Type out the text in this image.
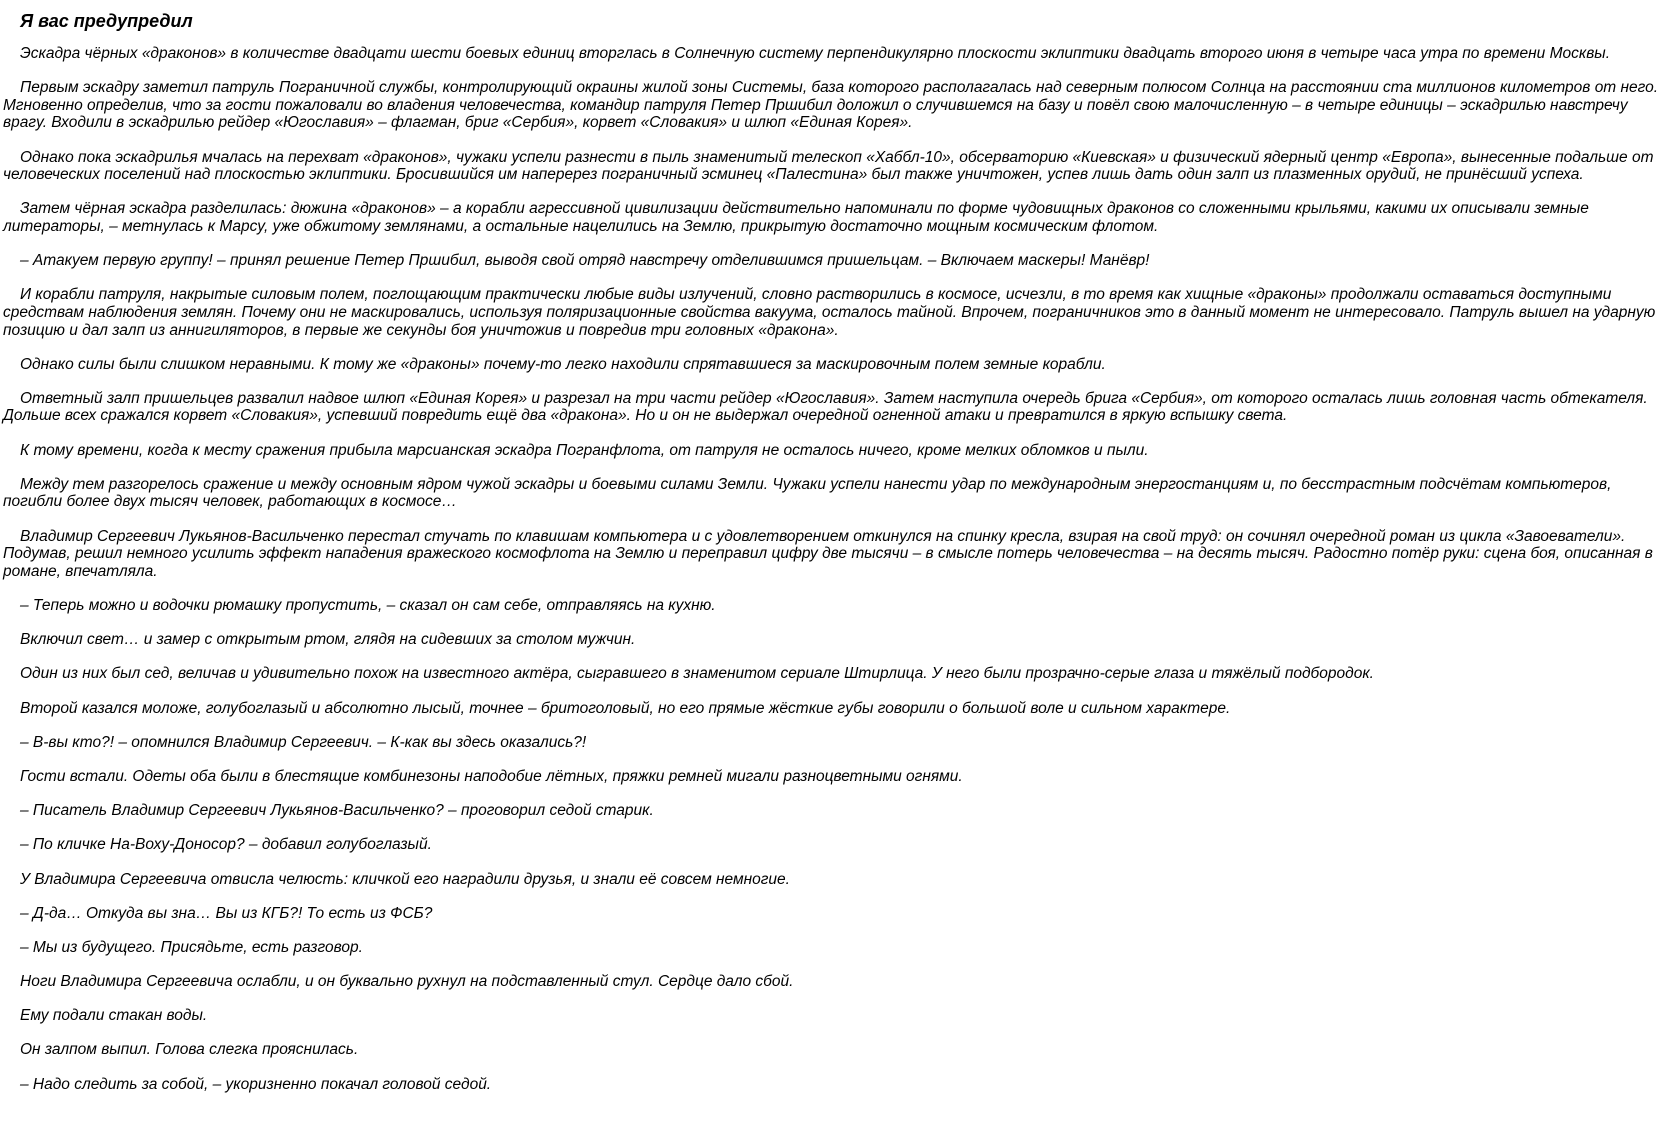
Я вас предупредил

Эскадра чёрных «драконов» в количестве двадцати шести боевых единиц вторглась в Солнечную систему перпендикулярно плоскости эклиптики двадцать второго июня в четыре часа утра по времени Москвы.

Первым эскадру заметил патруль Пограничной службы, контролирующий окраины жилой зоны Системы, база которого располагалась над северным полюсом Солнца на расстоянии ста миллионов километров от него. Мгновенно определив, что за гости пожаловали во владения человечества, командир патруля Петер Пршибил доложил о случившемся на базу и повёл свою малочисленную – в четыре единицы – эскадрилью навстречу врагу. Входили в эскадрилью рейдер «Югославия» – флагман, бриг «Сербия», корвет «Словакия» и шлюп «Единая Корея».

Однако пока эскадрилья мчалась на перехват «драконов», чужаки успели разнести в пыль знаменитый телескоп «Хаббл-10», обсерваторию «Киевская» и физический ядерный центр «Европа», вынесенные подальше от человеческих поселений над плоскостью эклиптики. Бросившийся им наперерез пограничный эсминец «Палестина» был также уничтожен, успев лишь дать один залп из плазменных орудий, не принёсший успеха.

Затем чёрная эскадра разделилась: дюжина «драконов» – а корабли агрессивной цивилизации действительно напоминали по форме чудовищных драконов со сложенными крыльями, какими их описывали земные литераторы, – метнулась к Марсу, уже обжитому землянами, а остальные нацелились на Землю, прикрытую достаточно мощным космическим флотом.

– Атакуем первую группу! – принял решение Петер Пршибил, выводя свой отряд навстречу отделившимся пришельцам. – Включаем маскеры! Манёвр!

И корабли патруля, накрытые силовым полем, поглощающим практически любые виды излучений, словно растворились в космосе, исчезли, в то время как хищные «драконы» продолжали оставаться доступными средствам наблюдения землян. Почему они не маскировались, используя поляризационные свойства вакуума, осталось тайной. Впрочем, пограничников это в данный момент не интересовало. Патруль вышел на ударную позицию и дал залп из аннигиляторов, в первые же секунды боя уничтожив и повредив три головных «дракона».

Однако силы были слишком неравными. К тому же «драконы» почему-то легко находили спрятавшиеся за маскировочным полем земные корабли.

Ответный залп пришельцев развалил надвое шлюп «Единая Корея» и разрезал на три части рейдер «Югославия». Затем наступила очередь брига «Сербия», от которого осталась лишь головная часть обтекателя. Дольше всех сражался корвет «Словакия», успевший повредить ещё два «дракона». Но и он не выдержал очередной огненной атаки и превратился в яркую вспышку света.

К тому времени, когда к месту сражения прибыла марсианская эскадра Погранфлота, от патруля не осталось ничего, кроме мелких обломков и пыли.

Между тем разгорелось сражение и между основным ядром чужой эскадры и боевыми силами Земли. Чужаки успели нанести удар по международным энергостанциям и, по бесстрастным подсчётам компьютеров, погибли более двух тысяч человек, работающих в космосе…

Владимир Сергеевич Лукьянов-Васильченко перестал стучать по клавишам компьютера и с удовлетворением откинулся на спинку кресла, взирая на свой труд: он сочинял очередной роман из цикла «Завоеватели». Подумав, решил немного усилить эффект нападения вражеского космофлота на Землю и переправил цифру две тысячи – в смысле потерь человечества – на десять тысяч. Радостно потёр руки: сцена боя, описанная в романе, впечатляла.

– Теперь можно и водочки рюмашку пропустить, – сказал он сам себе, отправляясь на кухню.

Включил свет… и замер с открытым ртом, глядя на сидевших за столом мужчин.

Один из них был сед, величав и удивительно похож на известного актёра, сыгравшего в знаменитом сериале Штирлица. У него были прозрачно-серые глаза и тяжёлый подбородок.

Второй казался моложе, голубоглазый и абсолютно лысый, точнее – бритоголовый, но его прямые жёсткие губы говорили о большой воле и сильном характере.

– В-вы кто?! – опомнился Владимир Сергеевич. – К-как вы здесь оказались?!

Гости встали. Одеты оба были в блестящие комбинезоны наподобие лётных, пряжки ремней мигали разноцветными огнями.

– Писатель Владимир Сергеевич Лукьянов-Васильченко? – проговорил седой старик.

– По кличке На-Воху-Доносор? – добавил голубоглазый.

У Владимира Сергеевича отвисла челюсть: кличкой его наградили друзья, и знали её совсем немногие.

– Д-да… Откуда вы зна… Вы из КГБ?! То есть из ФСБ?

– Мы из будущего. Присядьте, есть разговор.

Ноги Владимира Сергеевича ослабли, и он буквально рухнул на подставленный стул. Сердце дало сбой.

Ему подали стакан воды.

Он залпом выпил. Голова слегка прояснилась.

– Надо следить за собой, – укоризненно покачал головой седой.
